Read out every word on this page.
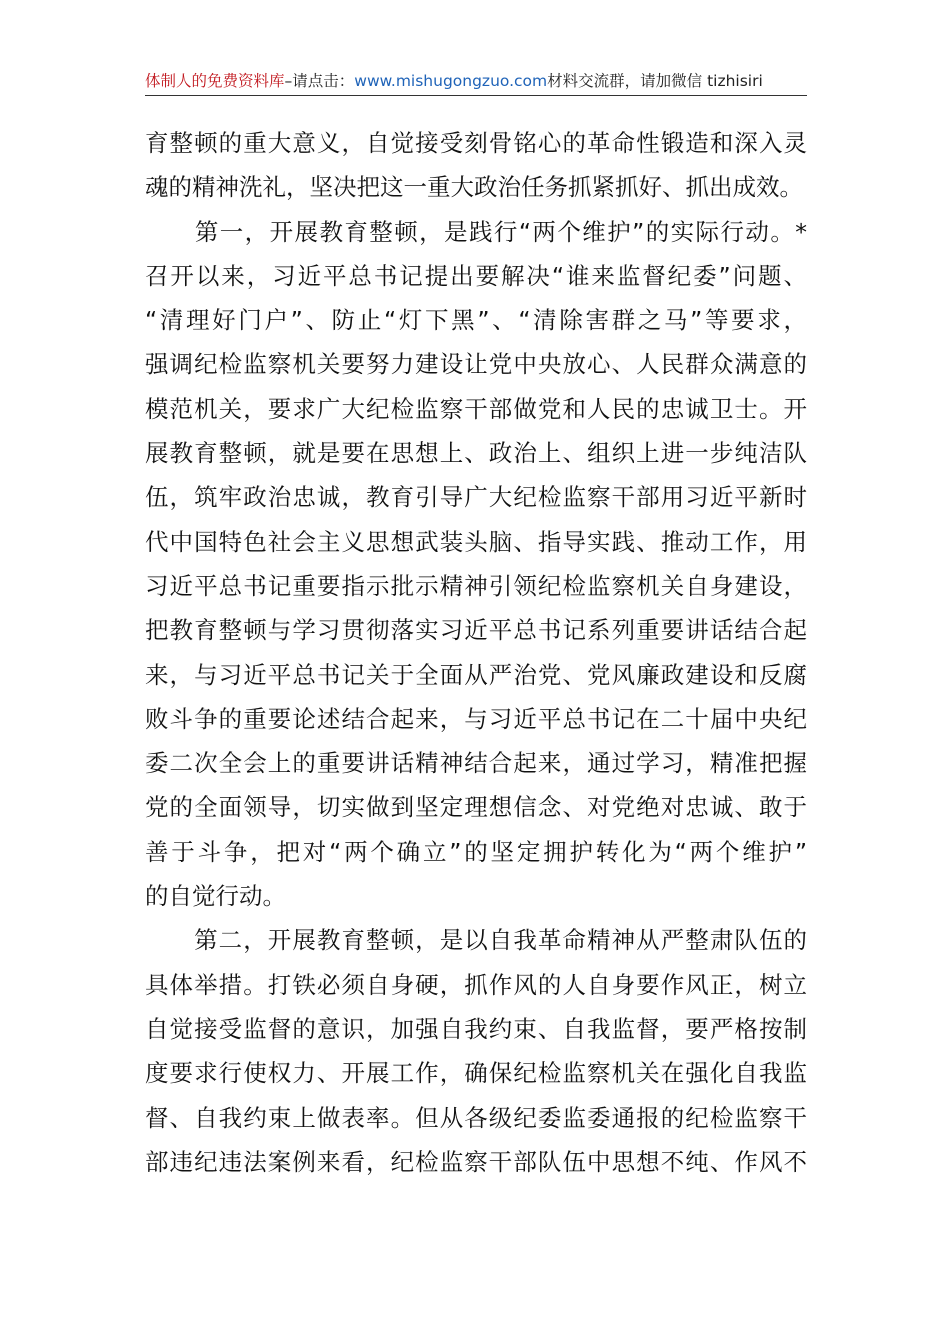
体制人的免费资料库–请点击：www.mishugongzuo.com材料交流群，请加微信 tizhisiri
育整顿的重大意义，自觉接受刻骨铭心的革命性锻造和深入灵
魂的精神洗礼，坚决把这一重大政治任务抓紧抓好、抓出成效。
　　第一，开展教育整顿，是践行“两个维护”的实际行动。*
召开以来，习近平总书记提出要解决“谁来监督纪委”问题、
“清理好门户”、防止“灯下黑”、“清除害群之马”等要求，
强调纪检监察机关要努力建设让党中央放心、人民群众满意的
模范机关，要求广大纪检监察干部做党和人民的忠诚卫士。开
展教育整顿，就是要在思想上、政治上、组织上进一步纯洁队
伍，筑牢政治忠诚，教育引导广大纪检监察干部用习近平新时
代中国特色社会主义思想武装头脑、指导实践、推动工作，用
习近平总书记重要指示批示精神引领纪检监察机关自身建设，
把教育整顿与学习贯彻落实习近平总书记系列重要讲话结合起
来，与习近平总书记关于全面从严治党、党风廉政建设和反腐
败斗争的重要论述结合起来，与习近平总书记在二十届中央纪
委二次全会上的重要讲话精神结合起来，通过学习，精准把握
党的全面领导，切实做到坚定理想信念、对党绝对忠诚、敢于
善于斗争，把对“两个确立”的坚定拥护转化为“两个维护”
的自觉行动。
　　第二，开展教育整顿，是以自我革命精神从严整肃队伍的
具体举措。打铁必须自身硬，抓作风的人自身要作风正，树立
自觉接受监督的意识，加强自我约束、自我监督，要严格按制
度要求行使权力、开展工作，确保纪检监察机关在强化自我监
督、自我约束上做表率。但从各级纪委监委通报的纪检监察干
部违纪违法案例来看，纪检监察干部队伍中思想不纯、作风不
